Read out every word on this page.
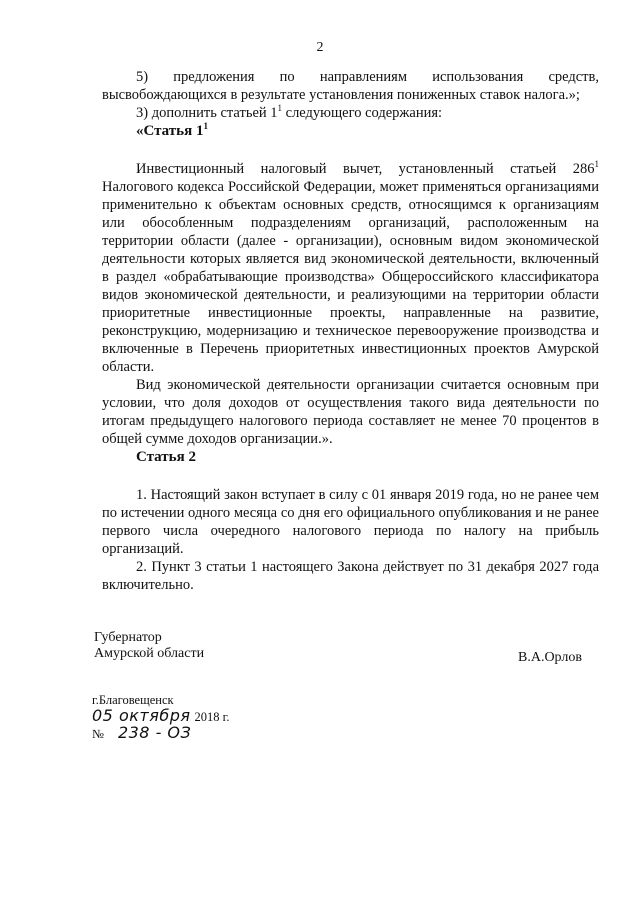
2

5) предложения по направлениям использования средств, высвобождающихся в результате установления пониженных ставок налога.»;

3) дополнить статьей $1^1$ следующего содержания:

«Статья $1^1$

Инвестиционный налоговый вычет, установленный статьей $286^1$ Налогового кодекса Российской Федерации, может применяться организациями применительно к объектам основных средств, относящимся к организациям или обособленным подразделениям организаций, расположенным на территории области (далее - организации), основным видом экономической деятельности которых является вид экономической деятельности, включенный в раздел «обрабатывающие производства» Общероссийского классификатора видов экономической деятельности, и реализующими на территории области приоритетные инвестиционные проекты, направленные на развитие, реконструкцию, модернизацию и техническое перевооружение производства и включенные в Перечень приоритетных инвестиционных проектов Амурской области.

Вид экономической деятельности организации считается основным при условии, что доля доходов от осуществления такого вида деятельности по итогам предыдущего налогового периода составляет не менее 70 процентов в общей сумме доходов организации.».

Статья 2

1. Настоящий закон вступает в силу с 01 января 2019 года, но не ранее чем по истечении одного месяца со дня его официального опубликования и не ранее первого числа очередного налогового периода по налогу на прибыль организаций.

2. Пункт 3 статьи 1 настоящего Закона действует по 31 декабря 2027 года включительно.

Губернатор
Амурской области	В.А.Орлов
г.Благовещенск
05 октября 2018 г.
№ 238 - ОЗ
